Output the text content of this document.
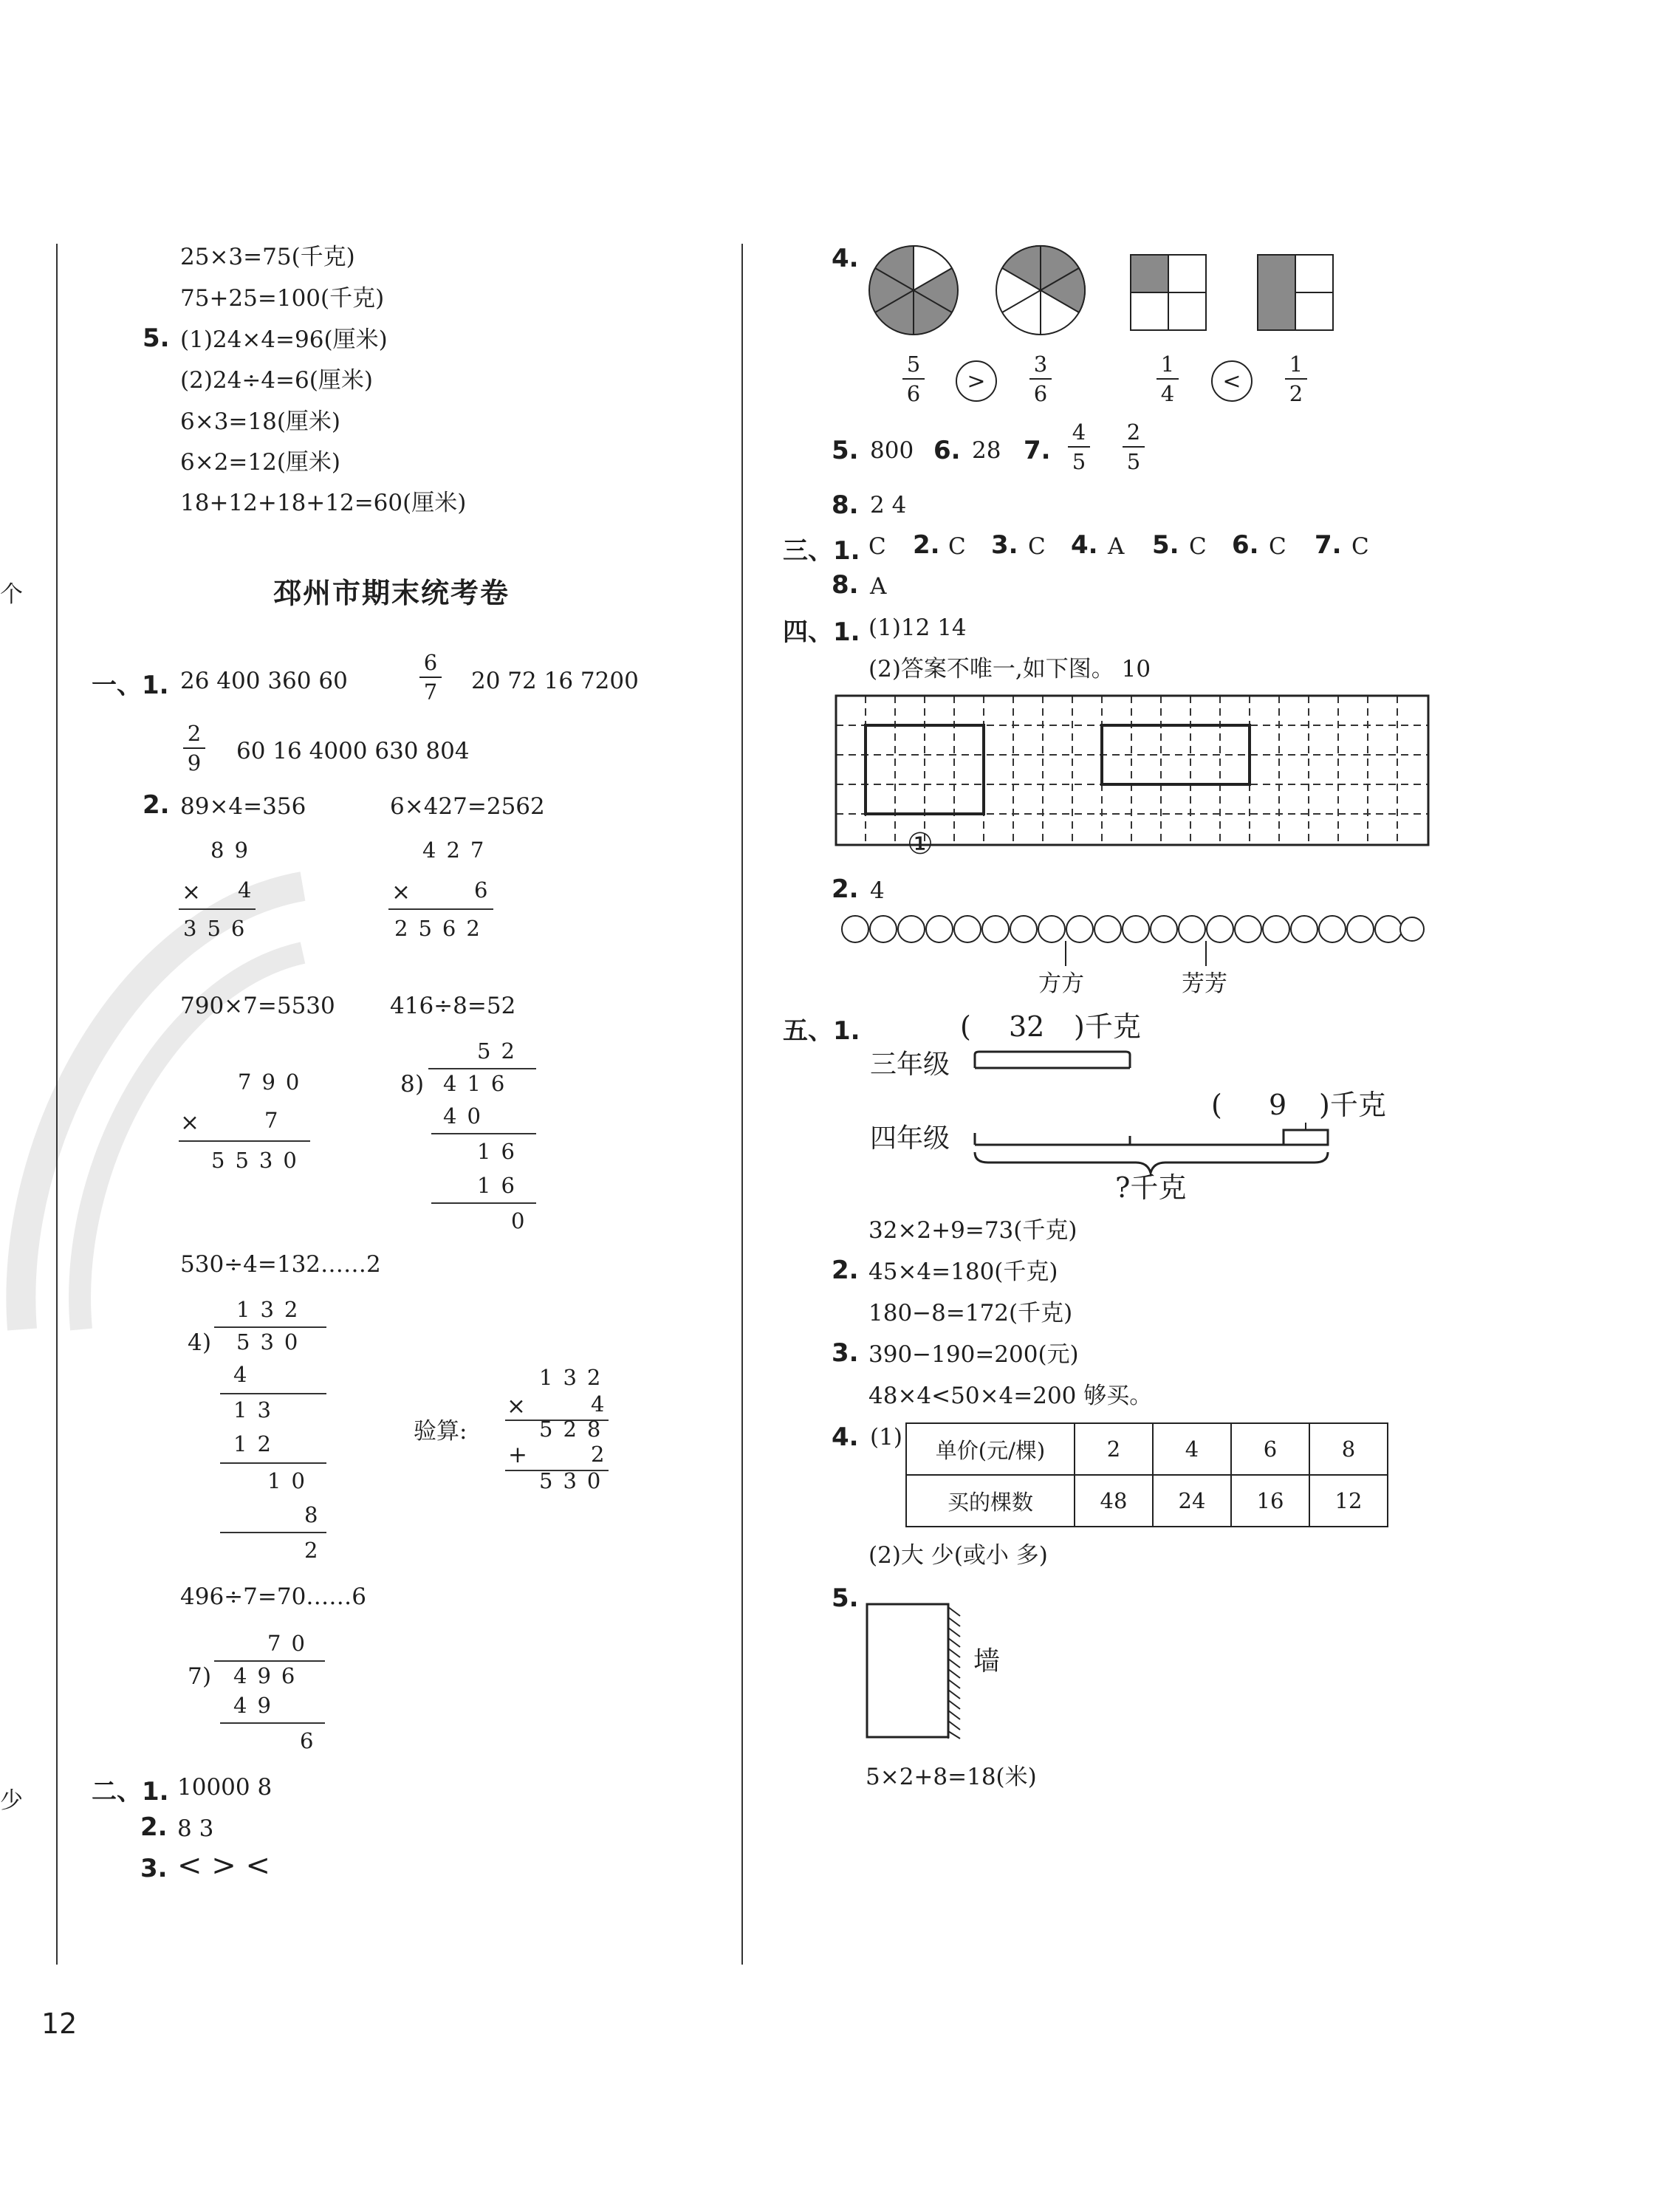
个
少
25×3=75(千克)
75+25=100(千克)
5. (1)24×4=96(厘米)
(2)24÷4=6(厘米)
6×3=18(厘米)
6×2=12(厘米)
18+12+18+12=60(厘米)
邳州市期末统考卷
一、1. 26 400 360 60
6
7 20 72 16 7200
2
9 60 16 4000 630 804
2. 89×4=356	6×427=2562
89
× 4
356
427
×	6
2562
790×7=5530 416÷8=52
790
×	7
5530
52
8 ) 416
40
16
16
0
530÷4=132……2
132
4 ) 530
4
13
12
10
8
2
验算:
132
×	4
528
+	2
530
496÷7=70……6
70
7 ) 496
49
6
二、1. 10000 8
2. 8 3
3. < > <
12
4.
5
6	>
3
6
1
4	<
1
2
5. 800 6. 28 7.
4
5
2
5
8. 2 4
三、1. C 2. C 3. C 4. A 5. C 6. C 7. C
8. A
四、1. (1)12 14
(2)答案不唯一,如下图。 10
①
2. 4
方方	芳芳
五、1.	( 32 )千克
三年级
( 9 )千克
四年级
?千克
32×2+9=73(千克)
2. 45×4=180(千克)
180−8=172(千克)
3. 390−190=200(元)
48×4<50×4=200 够买。
4. (1) 单价(元/棵)	2	4	6	8
买的棵数	48	24	16	12
(2)大 少(或小 多)
5.
墙
5×2+8=18(米)
